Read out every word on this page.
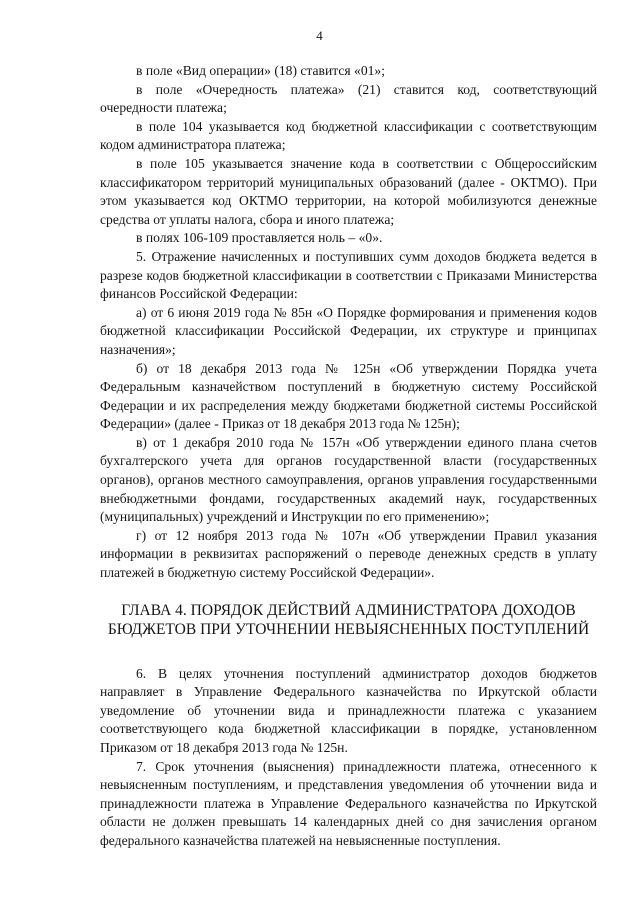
4

в поле «Вид операции» (18) ставится «01»;

в поле «Очередность платежа» (21) ставится код, соответствующий очередности платежа;

в поле 104 указывается код бюджетной классификации с соответствующим кодом администратора платежа;

в поле 105 указывается значение кода в соответствии с Общероссийским классификатором территорий муниципальных образований (далее - ОКТМО). При этом указывается код ОКТМО территории, на которой мобилизуются денежные средства от уплаты налога, сбора и иного платежа;

в полях 106-109 проставляется ноль – «0».

5. Отражение начисленных и поступивших сумм доходов бюджета ведется в разрезе кодов бюджетной классификации в соответствии с Приказами Министерства финансов Российской Федерации:

а) от 6 июня 2019 года № 85н «О Порядке формирования и применения кодов бюджетной классификации Российской Федерации, их структуре и принципах назначения»;

б) от 18 декабря 2013 года № 125н «Об утверждении Порядка учета Федеральным казначейством поступлений в бюджетную систему Российской Федерации и их распределения между бюджетами бюджетной системы Российской Федерации» (далее - Приказ от 18 декабря 2013 года № 125н);

в) от 1 декабря 2010 года № 157н «Об утверждении единого плана счетов бухгалтерского учета для органов государственной власти (государственных органов), органов местного самоуправления, органов управления государственными внебюджетными фондами, государственных академий наук, государственных (муниципальных) учреждений и Инструкции по его применению»;

г) от 12 ноября 2013 года № 107н «Об утверждении Правил указания информации в реквизитах распоряжений о переводе денежных средств в уплату платежей в бюджетную систему Российской Федерации».

ГЛАВА 4. ПОРЯДОК ДЕЙСТВИЙ АДМИНИСТРАТОРА ДОХОДОВ БЮДЖЕТОВ ПРИ УТОЧНЕНИИ НЕВЫЯСНЕННЫХ ПОСТУПЛЕНИЙ

6. В целях уточнения поступлений администратор доходов бюджетов направляет в Управление Федерального казначейства по Иркутской области уведомление об уточнении вида и принадлежности платежа с указанием соответствующего кода бюджетной классификации в порядке, установленном Приказом от 18 декабря 2013 года № 125н.

7. Срок уточнения (выяснения) принадлежности платежа, отнесенного к невыясненным поступлениям, и представления уведомления об уточнении вида и принадлежности платежа в Управление Федерального казначейства по Иркутской области не должен превышать 14 календарных дней со дня зачисления органом федерального казначейства платежей на невыясненные поступления.
